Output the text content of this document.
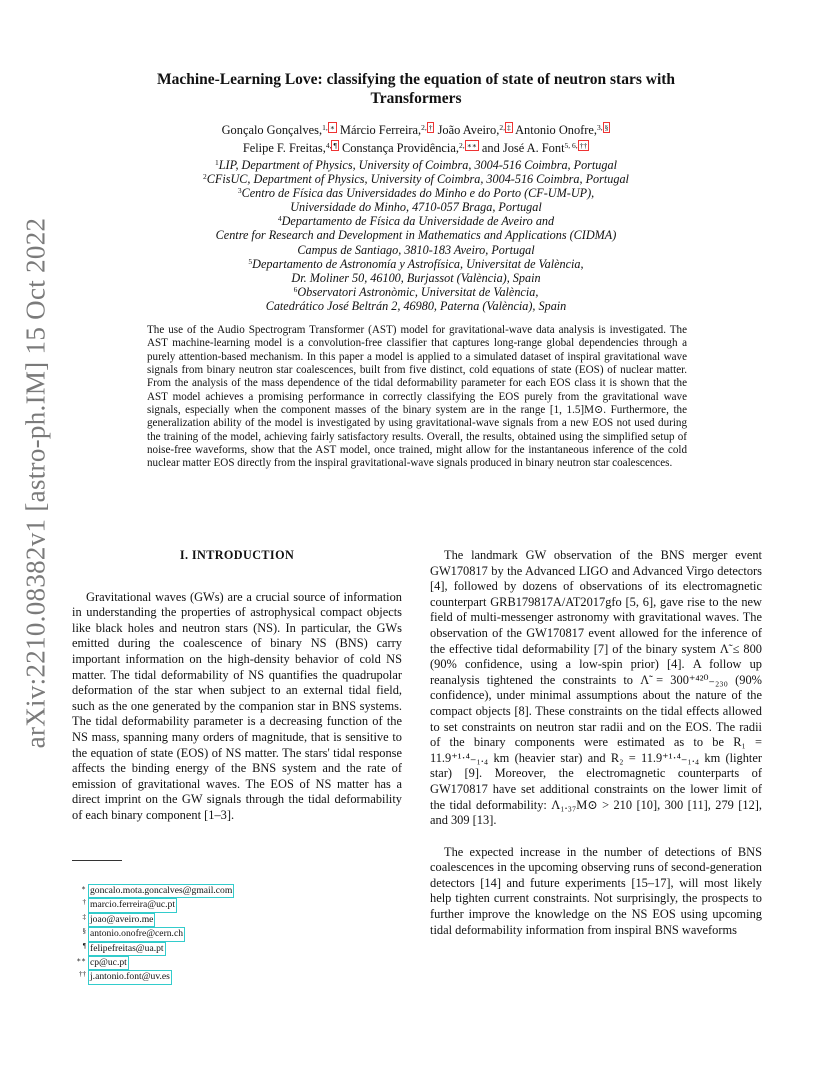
arXiv:2210.08382v1 [astro-ph.IM] 15 Oct 2022
Machine-Learning Love: classifying the equation of state of neutron stars with
Transformers
Gonçalo Gonçalves,$^{1,}$ ∗ Márcio Ferreira,$^{2,}$ † João Aveiro,$^{2,}$ ‡ Antonio Onofre,$^{3,}$ §
Felipe F. Freitas,$^{4,}$ ¶ Constança Providência,$^{2,}$ ∗∗ and José A. Font$^{5, 6,}$ ††
$^1$LIP, Department of Physics, University of Coimbra, 3004-516 Coimbra, Portugal
$^2$CFisUC, Department of Physics, University of Coimbra, 3004-516 Coimbra, Portugal
$^3$Centro de Física das Universidades do Minho e do Porto (CF-UM-UP),
Universidade do Minho, 4710-057 Braga, Portugal
$^4$Departamento de Física da Universidade de Aveiro and
Centre for Research and Development in Mathematics and Applications (CIDMA)
Campus de Santiago, 3810-183 Aveiro, Portugal
$^5$Departamento de Astronomía y Astrofísica, Universitat de València,
Dr. Moliner 50, 46100, Burjassot (València), Spain
$^6$Observatori Astronòmic, Universitat de València,
Catedrático José Beltrán 2, 46980, Paterna (València), Spain

The use of the Audio Spectrogram Transformer (AST) model for gravitational-wave data analysis is investigated. The AST machine-learning model is a convolution-free classifier that captures long-range global dependencies through a purely attention-based mechanism. In this paper a model is applied to a simulated dataset of inspiral gravitational wave signals from binary neutron star coalescences, built from five distinct, cold equations of state (EOS) of nuclear matter. From the analysis of the mass dependence of the tidal deformability parameter for each EOS class it is shown that the AST model achieves a promising performance in correctly classifying the EOS purely from the gravitational wave signals, especially when the component masses of the binary system are in the range [1, 1.5]M⊙. Furthermore, the generalization ability of the model is investigated by using gravitational-wave signals from a new EOS not used during the training of the model, achieving fairly satisfactory results. Overall, the results, obtained using the simplified setup of noise-free waveforms, show that the AST model, once trained, might allow for the instantaneous inference of the cold nuclear matter EOS directly from the inspiral gravitational-wave signals produced in binary neutron star coalescences.

I. INTRODUCTION

Gravitational waves (GWs) are a crucial source of information in understanding the properties of astrophysical compact objects like black holes and neutron stars (NS). In particular, the GWs emitted during the coalescence of binary NS (BNS) carry important information on the high-density behavior of cold NS matter. The tidal deformability of NS quantifies the quadrupolar deformation of the star when subject to an external tidal field, such as the one generated by the companion star in BNS systems. The tidal deformability parameter is a decreasing function of the NS mass, spanning many orders of magnitude, that is sensitive to the equation of state (EOS) of NS matter. The stars' tidal response affects the binding energy of the BNS system and the rate of emission of gravitational waves. The EOS of NS matter has a direct imprint on the GW signals through the tidal deformability of each binary component [1–3].

The landmark GW observation of the BNS merger event GW170817 by the Advanced LIGO and Advanced Virgo detectors [4], followed by dozens of observations of its electromagnetic counterpart GRB179817A/AT2017gfo [5, 6], gave rise to the new field of multi-messenger astronomy with gravitational waves. The observation of the GW170817 event allowed for the inference of the effective tidal deformability [7] of the binary system Λ̃ ≤ 800 (90% confidence, using a low-spin prior) [4]. A follow up reanalysis tightened the constraints to Λ̃ = 300⁺⁴²⁰₋₂₃₀ (90% confidence), under minimal assumptions about the nature of the compact objects [8]. These constraints on the tidal effects allowed to set constraints on neutron star radii and on the EOS. The radii of the binary components were estimated as to be R₁ = 11.9⁺¹·⁴₋₁.₄ km (heavier star) and R₂ = 11.9⁺¹·⁴₋₁.₄ km (lighter star) [9]. Moreover, the electromagnetic counterparts of GW170817 have set additional constraints on the lower limit of the tidal deformability: Λ₁.₃₇M⊙ > 210 [10], 300 [11], 279 [12], and 309 [13].

The expected increase in the number of detections of BNS coalescences in the upcoming observing runs of second-generation detectors [14] and future experiments [15–17], will most likely help tighten current constraints. Not surprisingly, the prospects to further improve the knowledge on the NS EOS using upcoming tidal deformability information from inspiral BNS waveforms

∗ goncalo.mota.goncalves@gmail.com
† marcio.ferreira@uc.pt
‡ joao@aveiro.me
§ antonio.onofre@cern.ch
¶ felipefreitas@ua.pt
∗∗ cp@uc.pt
†† j.antonio.font@uv.es
